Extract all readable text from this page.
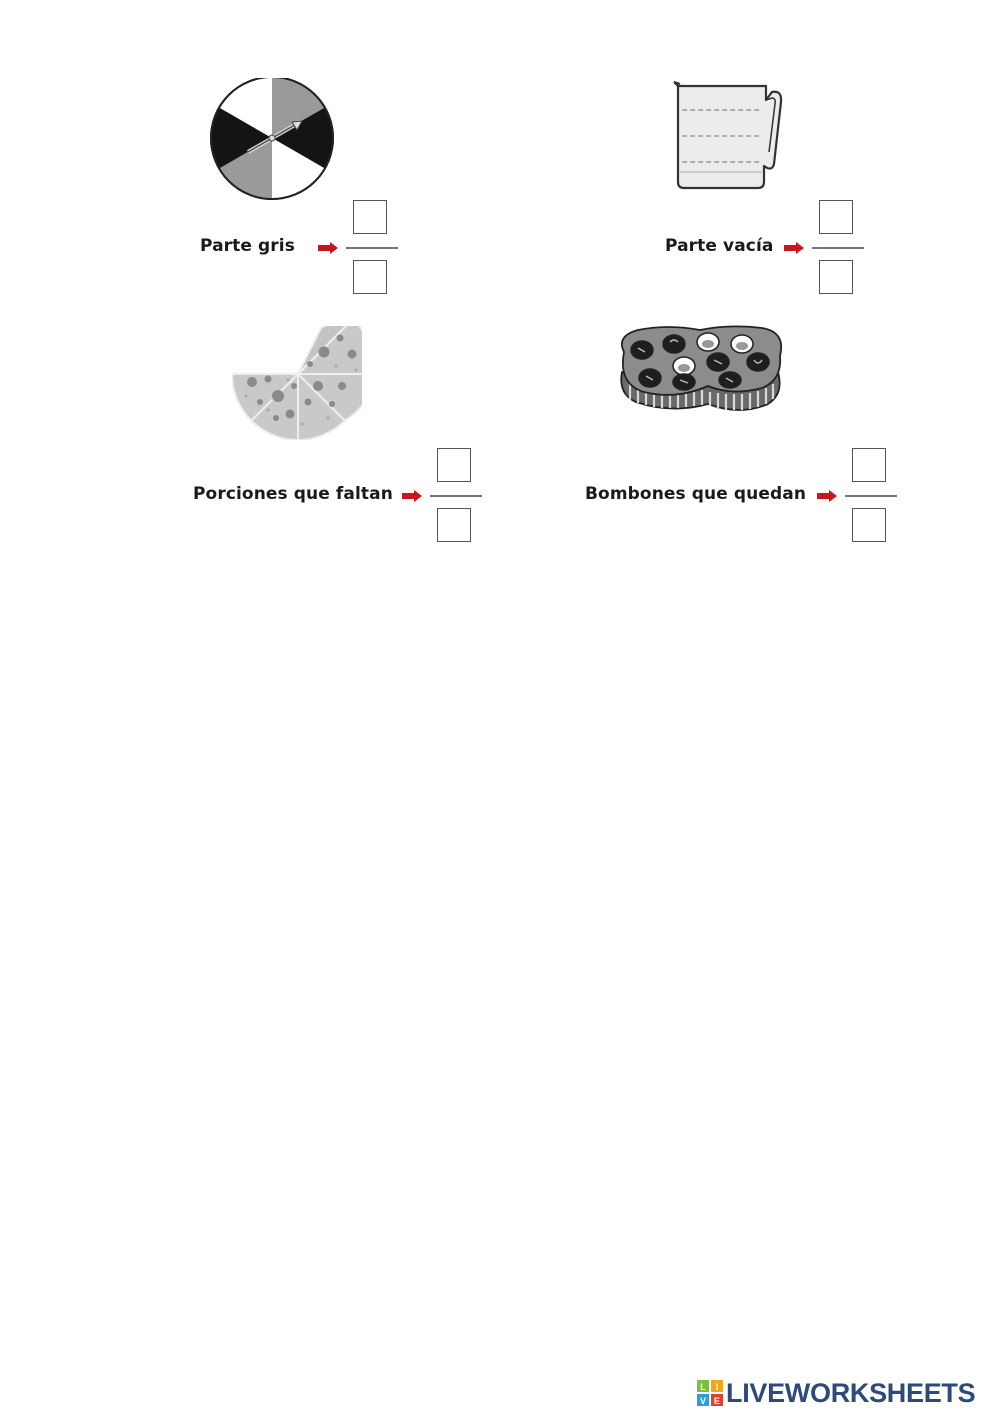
Parte gris	Parte vacía
Porciones que faltan	Bombones que quedan
L I
V E LIVEWORKSHEETS
